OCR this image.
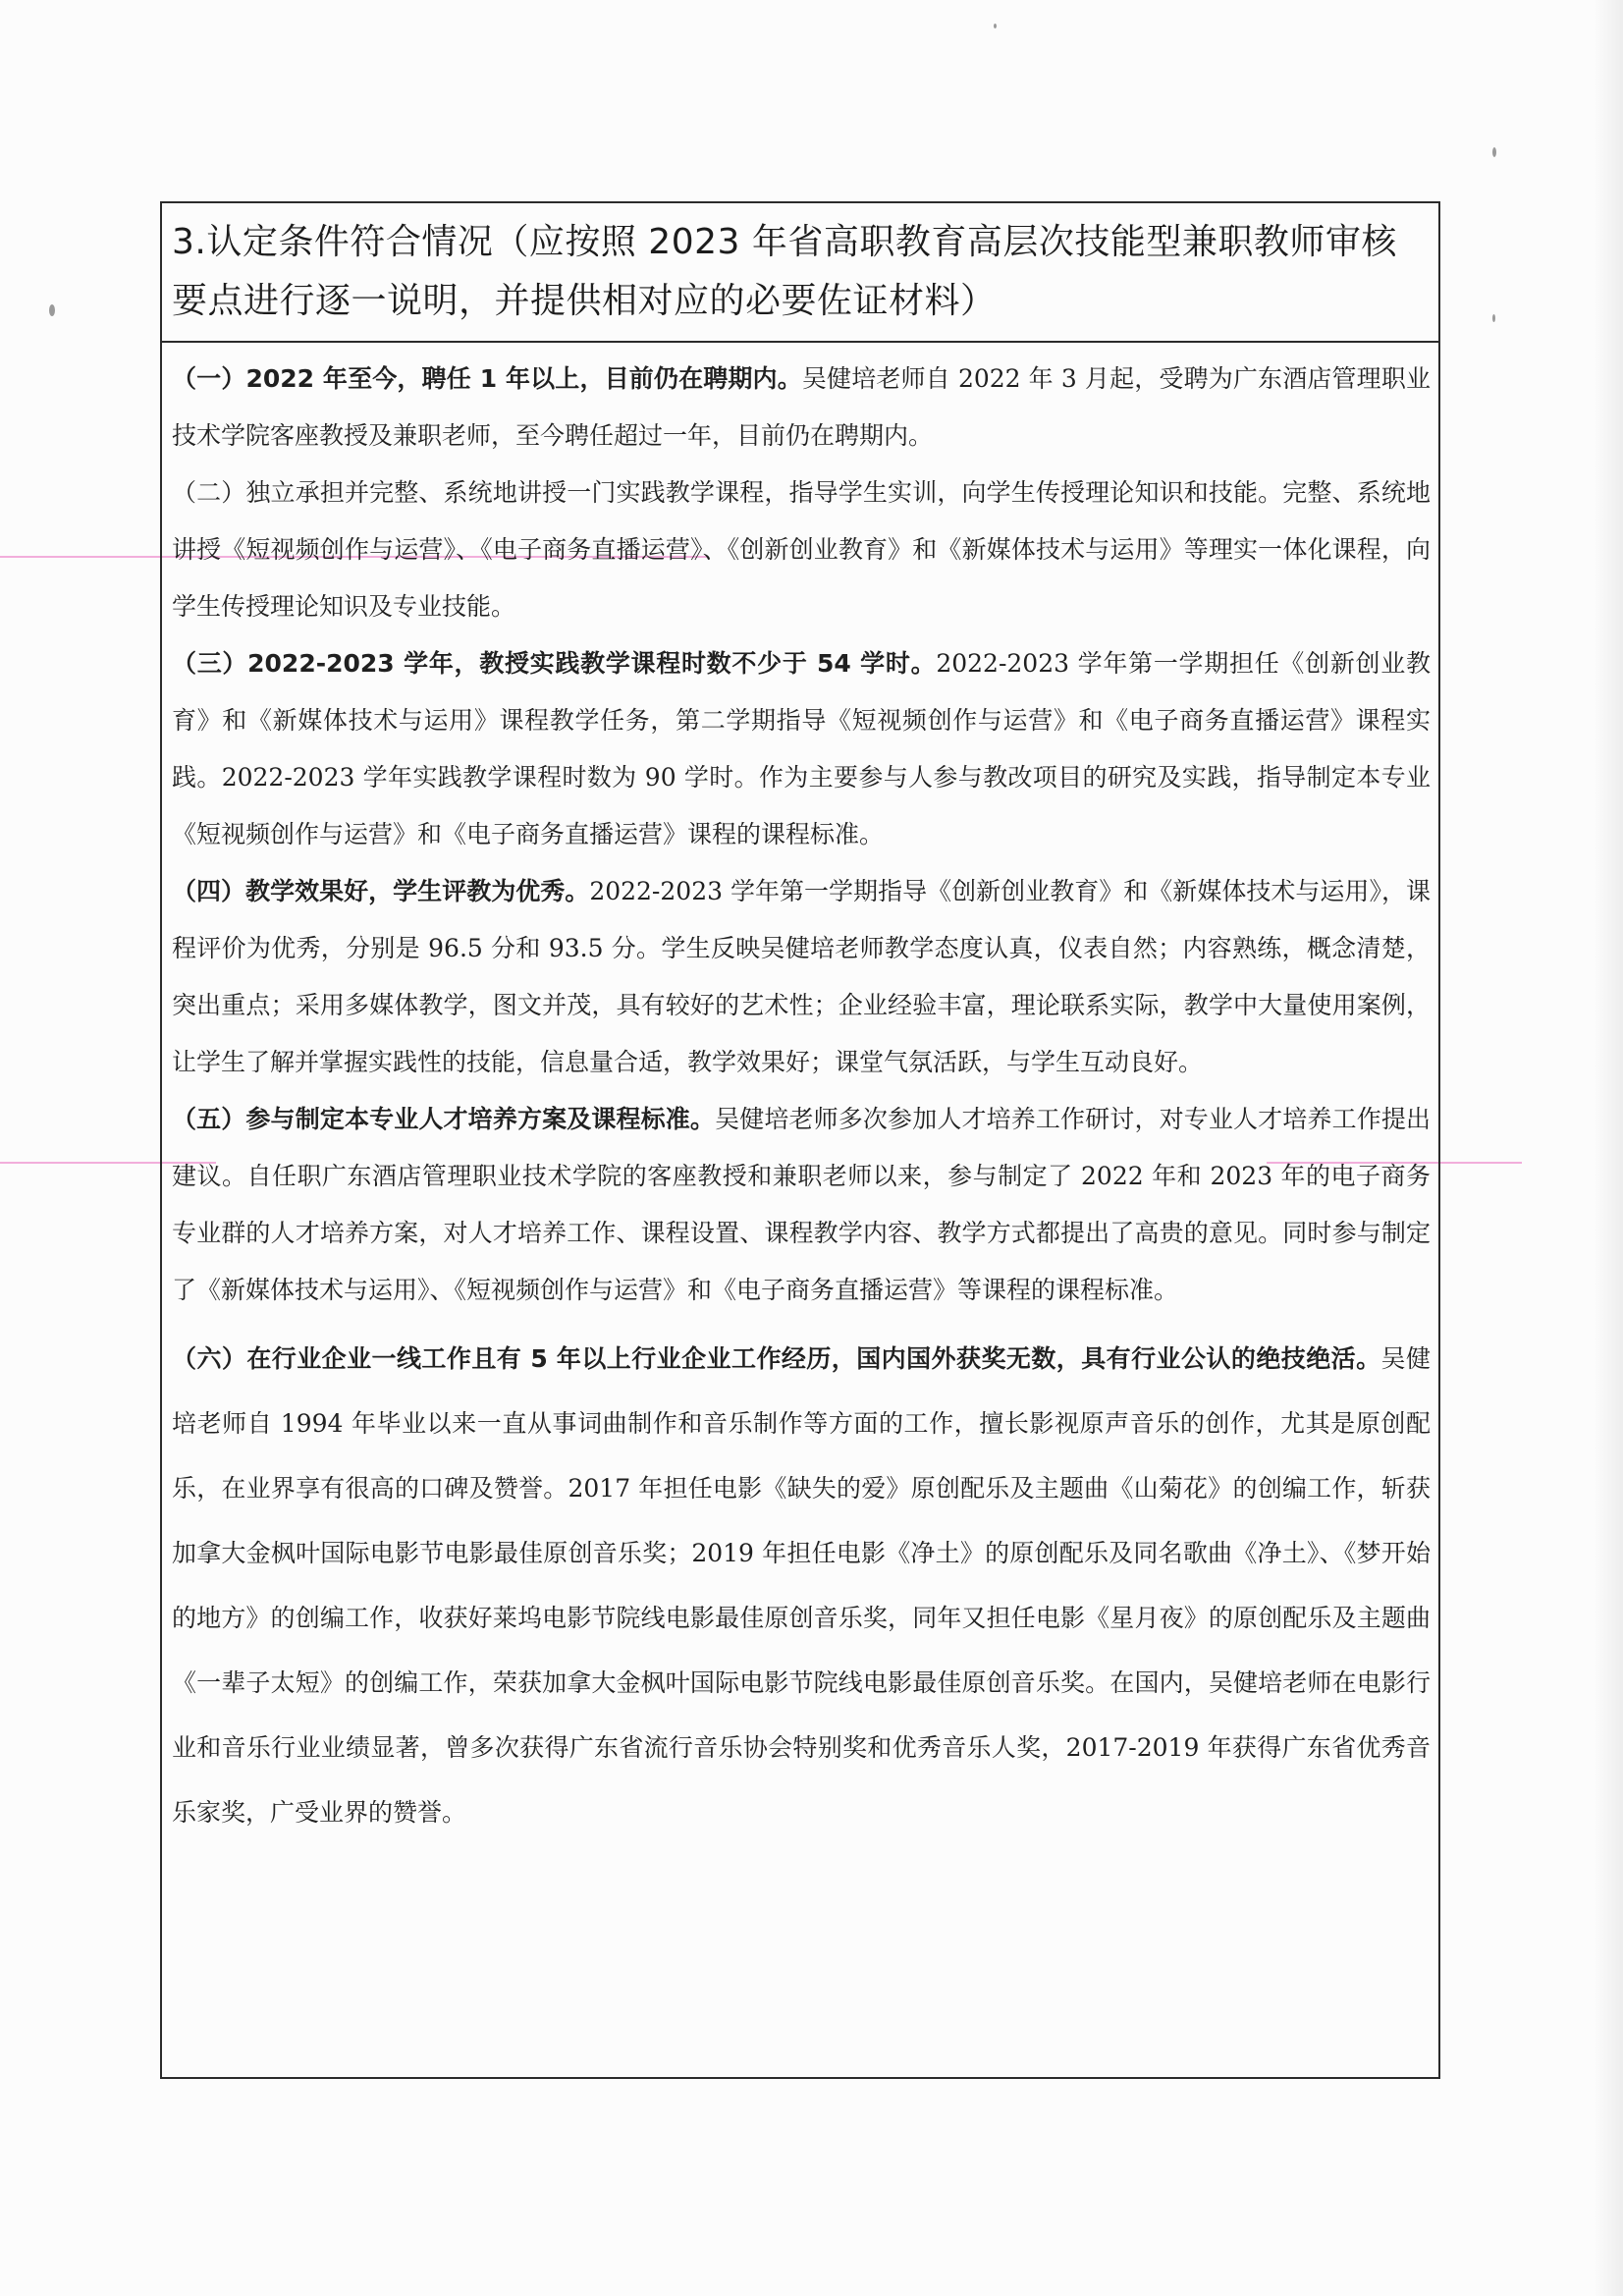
3.认定条件符合情况（应按照 2023 年省高职教育高层次技能型兼职教师审核要点进行逐一说明，并提供相对应的必要佐证材料）

（一）2022 年至今，聘任 1 年以上，目前仍在聘期内。吴健培老师自 2022 年 3 月起，受聘为广东酒店管理职业技术学院客座教授及兼职老师，至今聘任超过一年，目前仍在聘期内。

（二）独立承担并完整、系统地讲授一门实践教学课程，指导学生实训，向学生传授理论知识和技能。完整、系统地讲授《短视频创作与运营》、《电子商务直播运营》、《创新创业教育》和《新媒体技术与运用》等理实一体化课程，向学生传授理论知识及专业技能。

（三）2022-2023 学年，教授实践教学课程时数不少于 54 学时。2022-2023 学年第一学期担任《创新创业教育》和《新媒体技术与运用》课程教学任务，第二学期指导《短视频创作与运营》和《电子商务直播运营》课程实践。2022-2023 学年实践教学课程时数为 90 学时。作为主要参与人参与教改项目的研究及实践，指导制定本专业《短视频创作与运营》和《电子商务直播运营》课程的课程标准。

（四）教学效果好，学生评教为优秀。2022-2023 学年第一学期指导《创新创业教育》和《新媒体技术与运用》，课程评价为优秀，分别是 96.5 分和 93.5 分。学生反映吴健培老师教学态度认真，仪表自然；内容熟练，概念清楚，突出重点；采用多媒体教学，图文并茂，具有较好的艺术性；企业经验丰富，理论联系实际，教学中大量使用案例，让学生了解并掌握实践性的技能，信息量合适，教学效果好；课堂气氛活跃，与学生互动良好。

（五）参与制定本专业人才培养方案及课程标准。吴健培老师多次参加人才培养工作研讨，对专业人才培养工作提出建议。自任职广东酒店管理职业技术学院的客座教授和兼职老师以来，参与制定了 2022 年和 2023 年的电子商务专业群的人才培养方案，对人才培养工作、课程设置、课程教学内容、教学方式都提出了高贵的意见。同时参与制定了《新媒体技术与运用》、《短视频创作与运营》和《电子商务直播运营》等课程的课程标准。

（六）在行业企业一线工作且有 5 年以上行业企业工作经历，国内国外获奖无数，具有行业公认的绝技绝活。吴健培老师自 1994 年毕业以来一直从事词曲制作和音乐制作等方面的工作，擅长影视原声音乐的创作，尤其是原创配乐，在业界享有很高的口碑及赞誉。2017 年担任电影《缺失的爱》原创配乐及主题曲《山菊花》的创编工作，斩获加拿大金枫叶国际电影节电影最佳原创音乐奖；2019 年担任电影《净土》的原创配乐及同名歌曲《净土》、《梦开始的地方》的创编工作，收获好莱坞电影节院线电影最佳原创音乐奖，同年又担任电影《星月夜》的原创配乐及主题曲《一辈子太短》的创编工作，荣获加拿大金枫叶国际电影节院线电影最佳原创音乐奖。在国内，吴健培老师在电影行业和音乐行业业绩显著，曾多次获得广东省流行音乐协会特别奖和优秀音乐人奖，2017-2019 年获得广东省优秀音乐家奖，广受业界的赞誉。
